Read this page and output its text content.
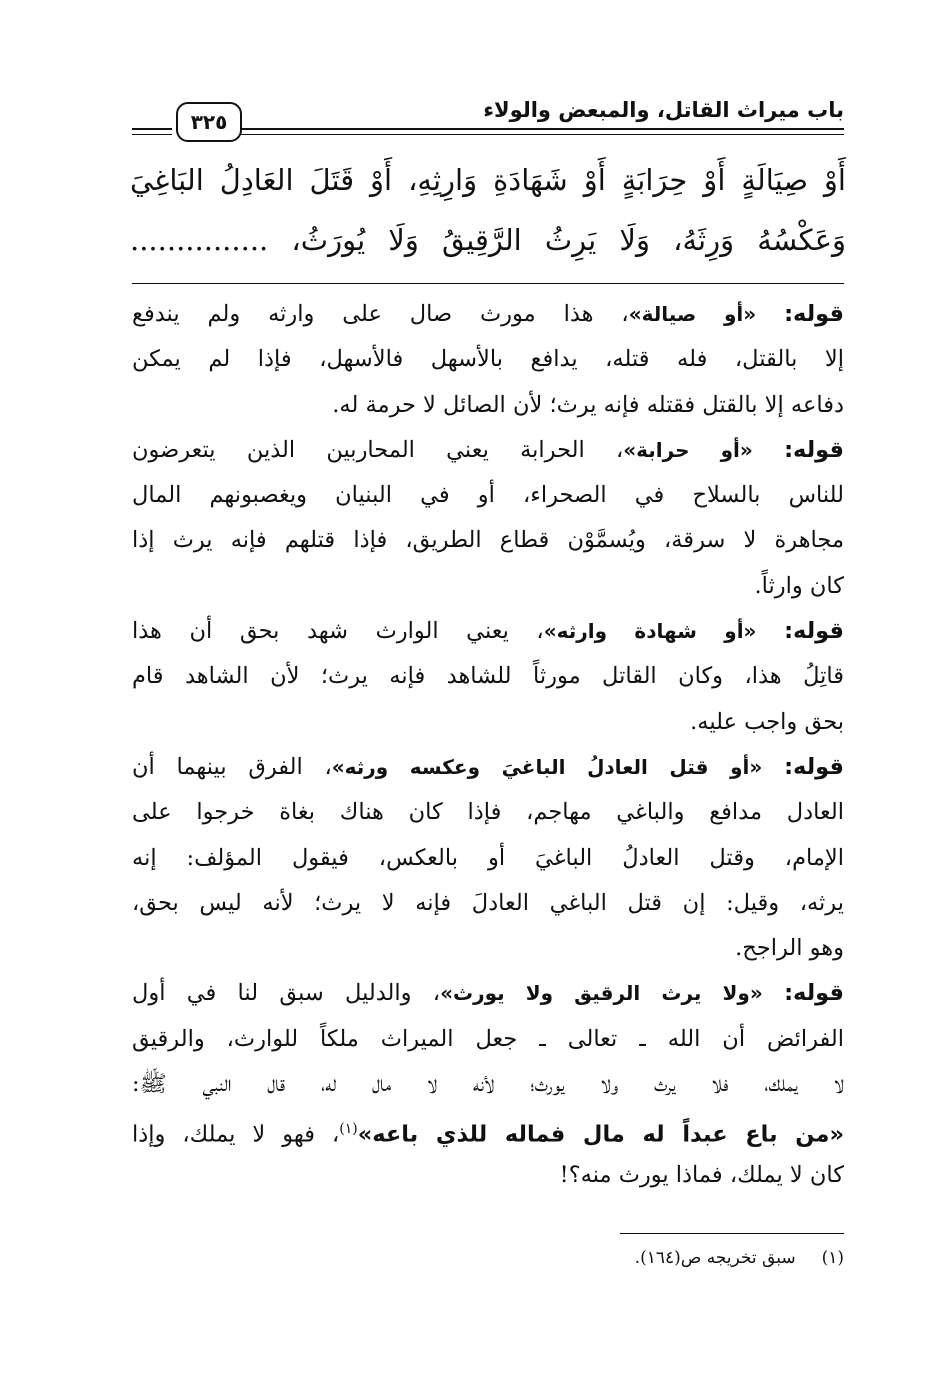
باب ميراث القاتل، والمبعض والولاء
٣٢٥
أَوْ صِيَالَةٍ أَوْ حِرَابَةٍ أَوْ شَهَادَةِ وَارِثِهِ، أَوْ قَتَلَ العَادِلُ البَاغِيَ
وَعَكْسُهُ وَرِثَهُ، وَلَا يَرِثُ الرَّقِيقُ وَلَا يُورَثُ، ...............
قوله: «أو صيالة»، هذا مورث صال على وارثه ولم يندفع
إلا بالقتل، فله قتله، يدافع بالأسهل فالأسهل، فإذا لم يمكن
دفاعه إلا بالقتل فقتله فإنه يرث؛ لأن الصائل لا حرمة له.
قوله: «أو حرابة»، الحرابة يعني المحاربين الذين يتعرضون
للناس بالسلاح في الصحراء، أو في البنيان ويغصبونهم المال
مجاهرة لا سرقة، ويُسمَّوْن قطاع الطريق، فإذا قتلهم فإنه يرث إذا
كان وارثاً.
قوله: «أو شهادة وارثه»، يعني الوارث شهد بحق أن هذا
قاتِلُ هذا، وكان القاتل مورثاً للشاهد فإنه يرث؛ لأن الشاهد قام
بحق واجب عليه.
قوله: «أو قتل العادلُ الباغيَ وعكسه ورثه»، الفرق بينهما أن
العادل مدافع والباغي مهاجم، فإذا كان هناك بغاة خرجوا على
الإمام، وقتل العادلُ الباغيَ أو بالعكس، فيقول المؤلف: إنه
يرثه، وقيل: إن قتل الباغي العادلَ فإنه لا يرث؛ لأنه ليس بحق،
وهو الراجح.
قوله: «ولا يرث الرقيق ولا يورث»، والدليل سبق لنا في أول
الفرائض أن الله ـ تعالى ـ جعل الميراث ملكاً للوارث، والرقيق
لا يملك، فلا يرث ولا يورث؛ لأنه لا مال له، قال النبي ﷺ:
«من باع عبداً له مال فماله للذي باعه»$^{(١)}$، فهو لا يملك، وإذا
كان لا يملك، فماذا يورث منه؟!
(١)سبق تخريجه ص(١٦٤).
